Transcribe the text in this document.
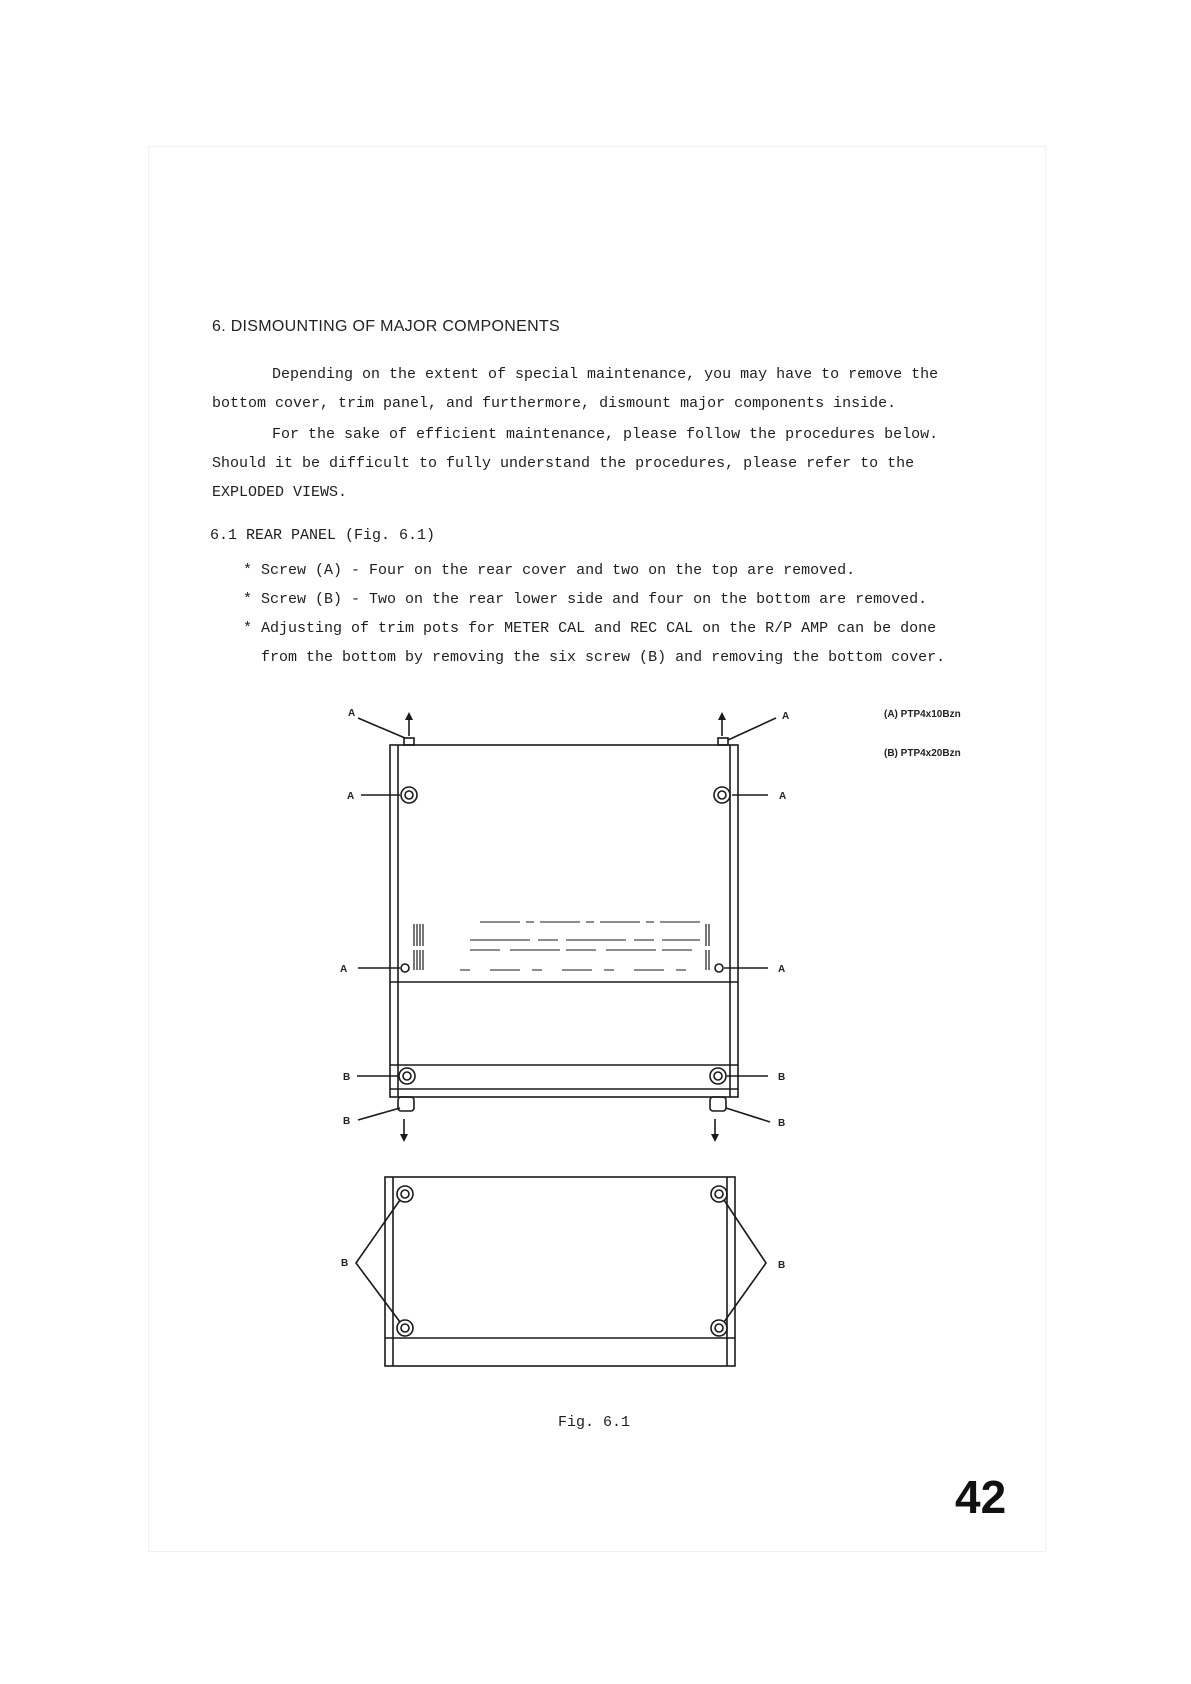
6. DISMOUNTING OF MAJOR COMPONENTS
Depending on the extent of special maintenance, you may have to remove the
bottom cover, trim panel, and furthermore, dismount major components inside.
For the sake of efficient maintenance, please follow the procedures below.
Should it be difficult to fully understand the procedures, please refer to the
EXPLODED VIEWS.
6.1 REAR PANEL (Fig. 6.1)
* Screw (A) - Four on the rear cover and two on the top are removed.
* Screw (B) - Two on the rear lower side and four on the bottom are removed.
* Adjusting of trim pots for METER CAL and REC CAL on the R/P AMP can be done
from the bottom by removing the six screw (B) and removing the bottom cover.
(A) PTP4x10Bzn
(B) PTP4x20Bzn
A	A
A	A
A	A
B	B
B	B
B	B
Fig. 6.1
42
